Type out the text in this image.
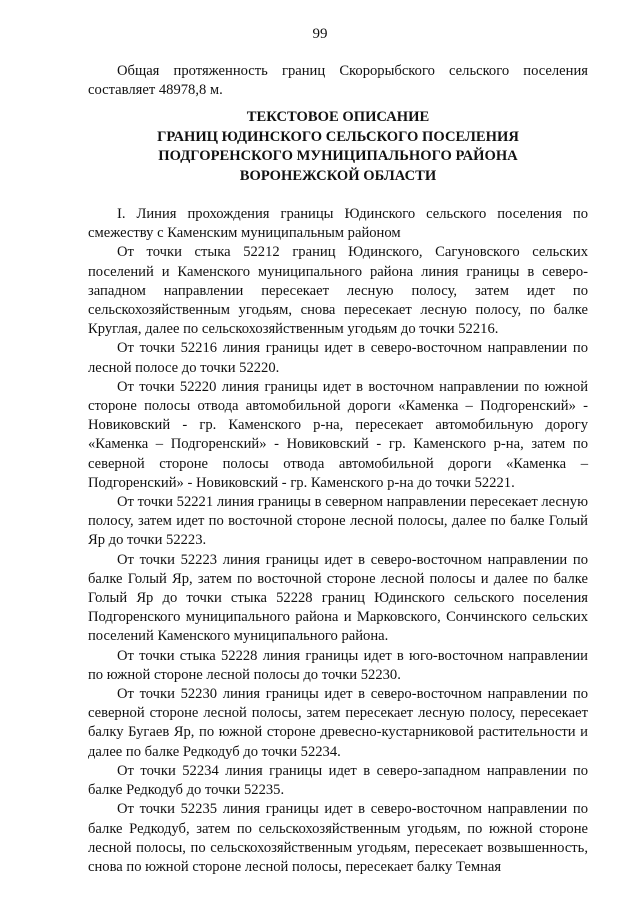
99

Общая протяженность границ Скорорыбского сельского поселения составляет 48978,8 м.

ТЕКСТОВОЕ ОПИСАНИЕ
ГРАНИЦ ЮДИНСКОГО СЕЛЬСКОГО ПОСЕЛЕНИЯ
ПОДГОРЕНСКОГО МУНИЦИПАЛЬНОГО РАЙОНА
ВОРОНЕЖСКОЙ ОБЛАСТИ

I. Линия прохождения границы Юдинского сельского поселения по смежеству с Каменским муниципальным районом

От точки стыка 52212 границ Юдинского, Сагуновского сельских поселений и Каменского муниципального района линия границы в северо-западном направлении пересекает лесную полосу, затем идет по сельскохозяйственным угодьям, снова пересекает лесную полосу, по балке Круглая, далее по сельскохозяйственным угодьям до точки 52216.

От точки 52216 линия границы идет в северо-восточном направлении по лесной полосе до точки 52220.

От точки 52220 линия границы идет в восточном направлении по южной стороне полосы отвода автомобильной дороги «Каменка – Подгоренский» - Новиковский - гр. Каменского р-на, пересекает автомобильную дорогу «Каменка – Подгоренский» - Новиковский - гр. Каменского р-на, затем по северной стороне полосы отвода автомобильной дороги «Каменка – Подгоренский» - Новиковский - гр. Каменского р-на до точки 52221.

От точки 52221 линия границы в северном направлении пересекает лесную полосу, затем идет по восточной стороне лесной полосы, далее по балке Голый Яр до точки 52223.

От точки 52223 линия границы идет в северо-восточном направлении по балке Голый Яр, затем по восточной стороне лесной полосы и далее по балке Голый Яр до точки стыка 52228 границ Юдинского сельского поселения Подгоренского муниципального района и Марковского, Сончинского сельских поселений Каменского муниципального района.

От точки стыка 52228 линия границы идет в юго-восточном направлении по южной стороне лесной полосы до точки 52230.

От точки 52230 линия границы идет в северо-восточном направлении по северной стороне лесной полосы, затем пересекает лесную полосу, пересекает балку Бугаев Яр, по южной стороне древесно-кустарниковой растительности и далее по балке Редкодуб до точки 52234.

От точки 52234 линия границы идет в северо-западном направлении по балке Редкодуб до точки 52235.

От точки 52235 линия границы идет в северо-восточном направлении по балке Редкодуб, затем по сельскохозяйственным угодьям, по южной стороне лесной полосы, по сельскохозяйственным угодьям, пересекает возвышенность, снова по южной стороне лесной полосы, пересекает балку Темная
